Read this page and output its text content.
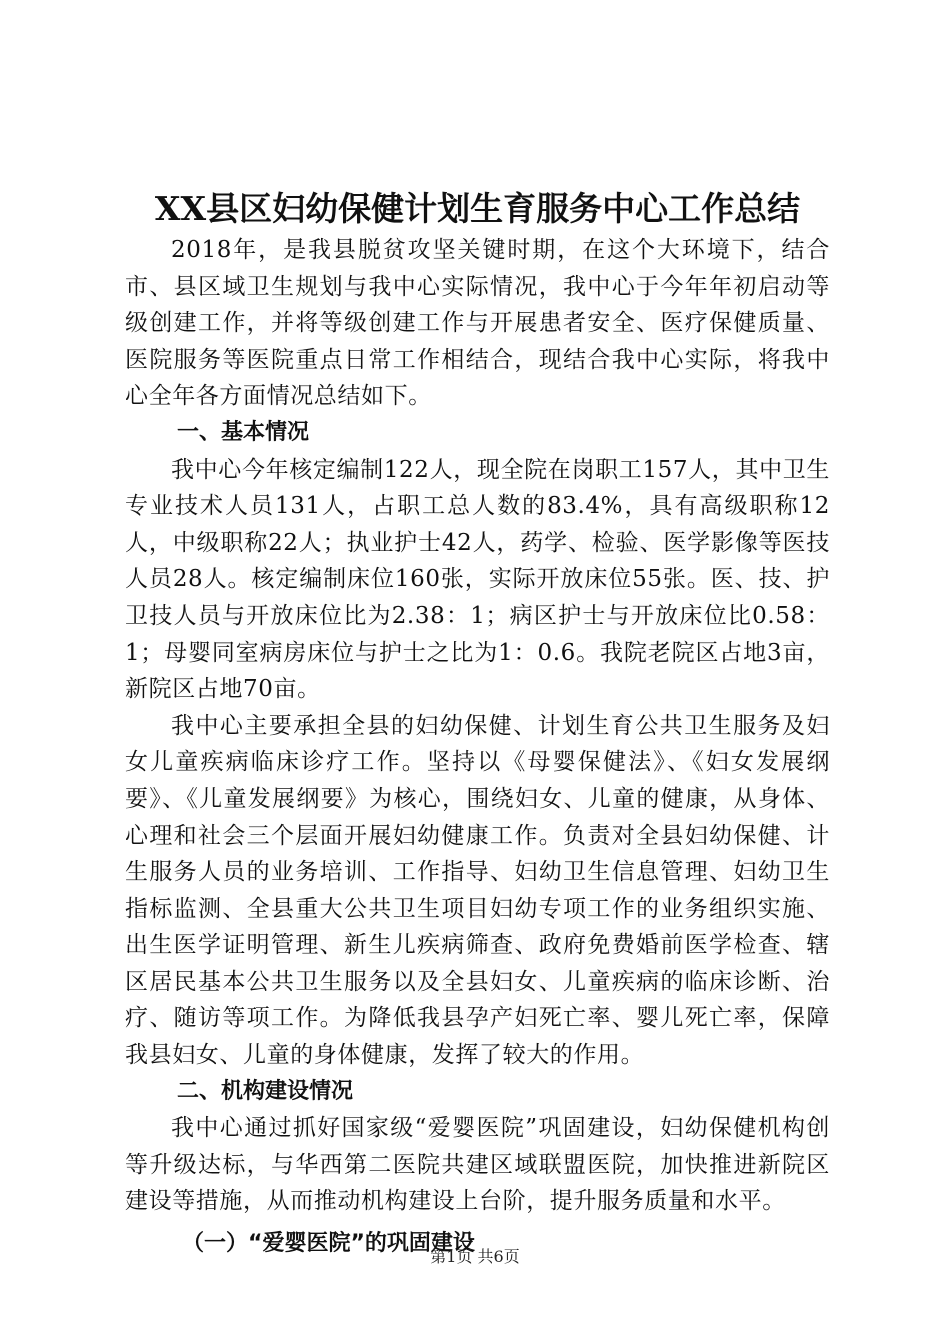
XX县区妇幼保健计划生育服务中心工作总结

2018年，是我县脱贫攻坚关键时期，在这个大环境下，结合市、县区域卫生规划与我中心实际情况，我中心于今年年初启动等级创建工作，并将等级创建工作与开展患者安全、医疗保健质量、医院服务等医院重点日常工作相结合，现结合我中心实际，将我中心全年各方面情况总结如下。

一、基本情况

我中心今年核定编制122人，现全院在岗职工157人，其中卫生专业技术人员131人，占职工总人数的83.4%，具有高级职称12人，中级职称22人；执业护士42人，药学、检验、医学影像等医技人员28人。核定编制床位160张，实际开放床位55张。医、技、护卫技人员与开放床位比为2.38：1；病区护士与开放床位比0.58：1；母婴同室病房床位与护士之比为1：0.6。我院老院区占地3亩，新院区占地70亩。

我中心主要承担全县的妇幼保健、计划生育公共卫生服务及妇女儿童疾病临床诊疗工作。坚持以《母婴保健法》、《妇女发展纲要》、《儿童发展纲要》为核心，围绕妇女、儿童的健康，从身体、心理和社会三个层面开展妇幼健康工作。负责对全县妇幼保健、计生服务人员的业务培训、工作指导、妇幼卫生信息管理、妇幼卫生指标监测、全县重大公共卫生项目妇幼专项工作的业务组织实施、出生医学证明管理、新生儿疾病筛查、政府免费婚前医学检查、辖区居民基本公共卫生服务以及全县妇女、儿童疾病的临床诊断、治疗、随访等项工作。为降低我县孕产妇死亡率、婴儿死亡率，保障我县妇女、儿童的身体健康，发挥了较大的作用。

二、机构建设情况

我中心通过抓好国家级“爱婴医院”巩固建设，妇幼保健机构创等升级达标，与华西第二医院共建区域联盟医院，加快推进新院区建设等措施，从而推动机构建设上台阶，提升服务质量和水平。

（一）“爱婴医院”的巩固建设
第1页 共6页
